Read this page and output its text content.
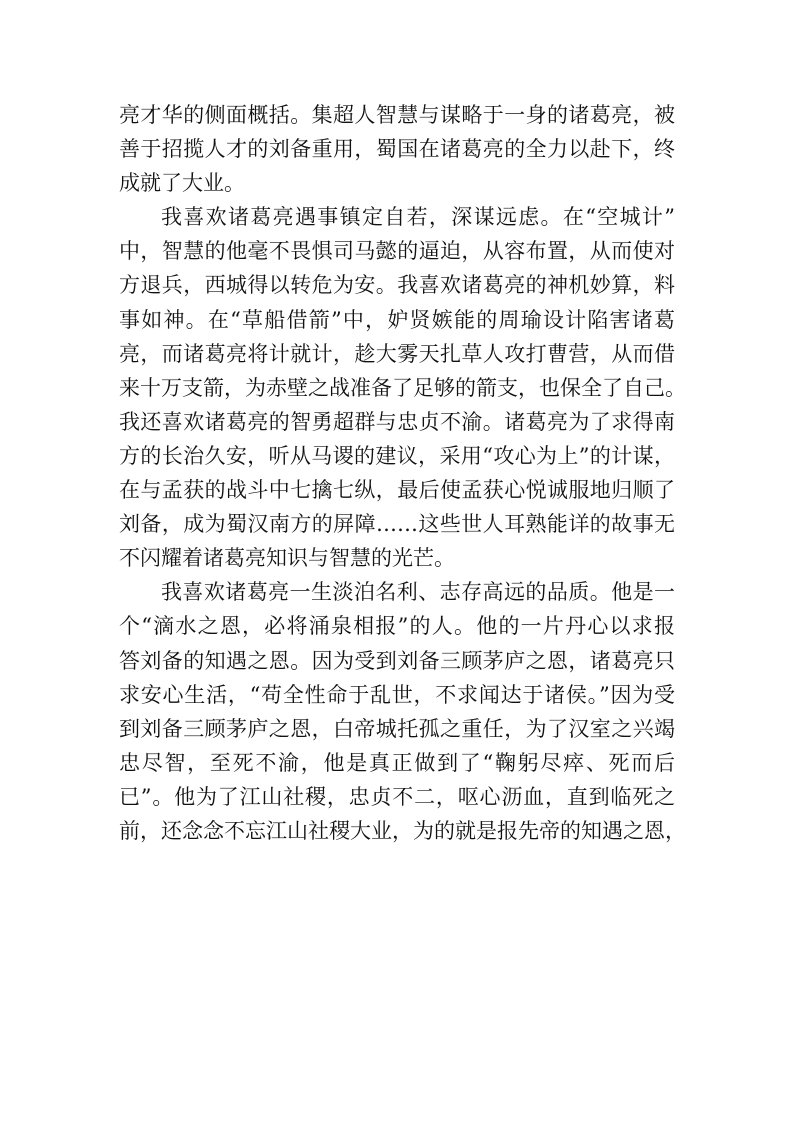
亮才华的侧面概括。集超人智慧与谋略于一身的诸葛亮，被
善于招揽人才的刘备重用，蜀国在诸葛亮的全力以赴下，终
成就了大业。
我喜欢诸葛亮遇事镇定自若，深谋远虑。在“空城计”
中，智慧的他毫不畏惧司马懿的逼迫，从容布置，从而使对
方退兵，西城得以转危为安。我喜欢诸葛亮的神机妙算，料
事如神。在“草船借箭”中，妒贤嫉能的周瑜设计陷害诸葛
亮，而诸葛亮将计就计，趁大雾天扎草人攻打曹营，从而借
来十万支箭，为赤壁之战准备了足够的箭支，也保全了自己。
我还喜欢诸葛亮的智勇超群与忠贞不渝。诸葛亮为了求得南
方的长治久安，听从马谡的建议，采用“攻心为上”的计谋，
在与孟获的战斗中七擒七纵，最后使孟获心悦诚服地归顺了
刘备，成为蜀汉南方的屏障……这些世人耳熟能详的故事无
不闪耀着诸葛亮知识与智慧的光芒。
我喜欢诸葛亮一生淡泊名利、志存高远的品质。他是一
个“滴水之恩，必将涌泉相报”的人。他的一片丹心以求报
答刘备的知遇之恩。因为受到刘备三顾茅庐之恩，诸葛亮只
求安心生活，“苟全性命于乱世，不求闻达于诸侯。”因为受
到刘备三顾茅庐之恩，白帝城托孤之重任，为了汉室之兴竭
忠尽智，至死不渝，他是真正做到了“鞠躬尽瘁、死而后
已”。他为了江山社稷，忠贞不二，呕心沥血，直到临死之
前，还念念不忘江山社稷大业，为的就是报先帝的知遇之恩，
